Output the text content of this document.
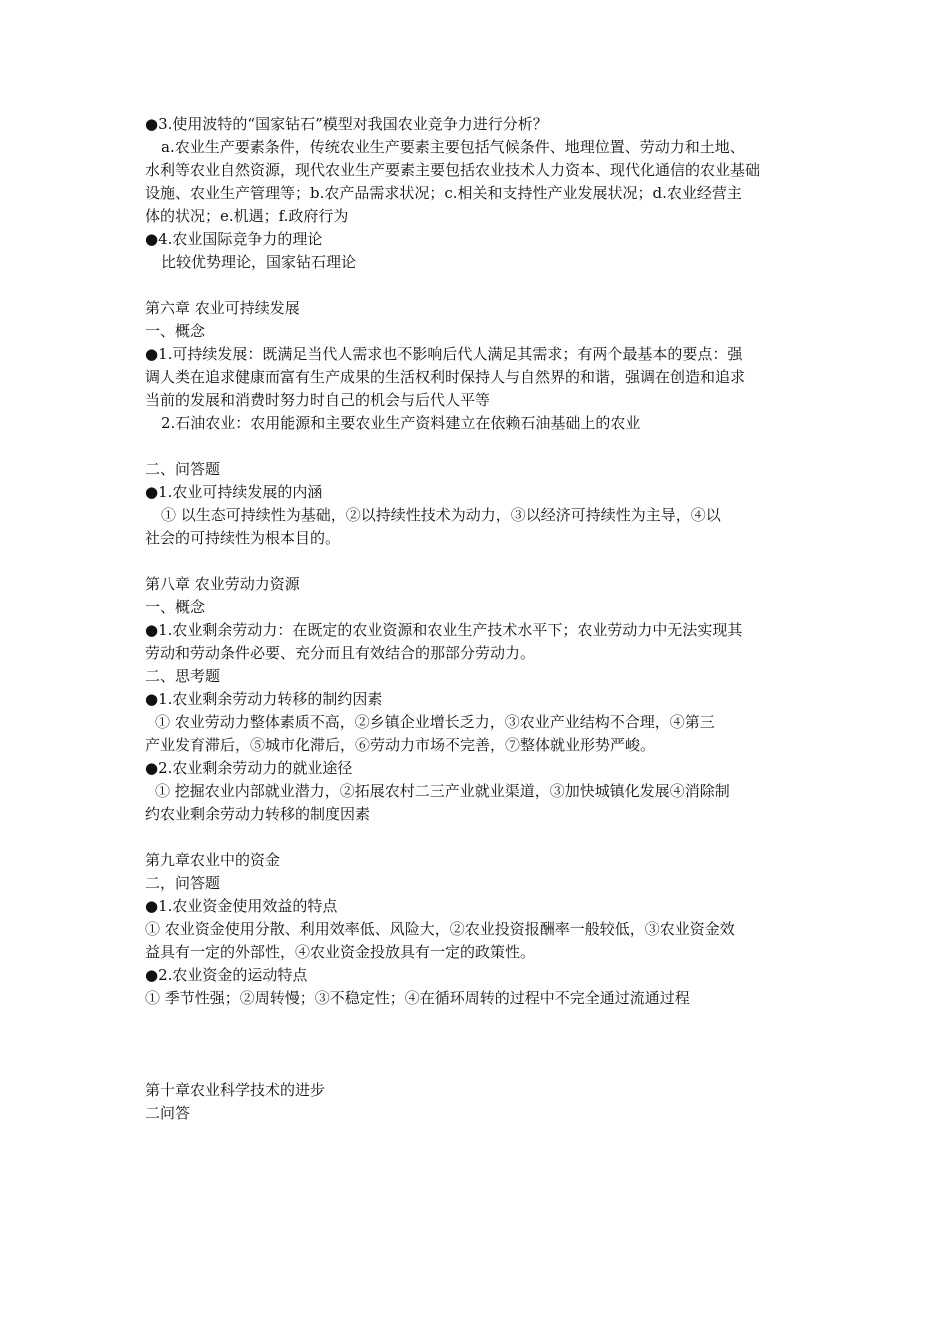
●3.使用波特的“国家钻石”模型对我国农业竞争力进行分析？
a.农业生产要素条件，传统农业生产要素主要包括气候条件、地理位置、劳动力和土地、
水利等农业自然资源，现代农业生产要素主要包括农业技术人力资本、现代化通信的农业基础
设施、农业生产管理等；b.农产品需求状况；c.相关和支持性产业发展状况；d.农业经营主
体的状况；e.机遇；f.政府行为
●4.农业国际竞争力的理论
比较优势理论，国家钻石理论
第六章 农业可持续发展
一、概念
●1.可持续发展：既满足当代人需求也不影响后代人满足其需求；有两个最基本的要点：强
调人类在追求健康而富有生产成果的生活权利时保持人与自然界的和谐，强调在创造和追求
当前的发展和消费时努力时自己的机会与后代人平等
2.石油农业：农用能源和主要农业生产资料建立在依赖石油基础上的农业
二、问答题
●1.农业可持续发展的内涵
① 以生态可持续性为基础，②以持续性技术为动力，③以经济可持续性为主导，④以
社会的可持续性为根本目的。
第八章 农业劳动力资源
一、概念
●1.农业剩余劳动力：在既定的农业资源和农业生产技术水平下；农业劳动力中无法实现其
劳动和劳动条件必要、充分而且有效结合的那部分劳动力。
二、思考题
●1.农业剩余劳动力转移的制约因素
① 农业劳动力整体素质不高，②乡镇企业增长乏力，③农业产业结构不合理，④第三
产业发育滞后，⑤城市化滞后，⑥劳动力市场不完善，⑦整体就业形势严峻。
●2.农业剩余劳动力的就业途径
① 挖掘农业内部就业潜力，②拓展农村二三产业就业渠道，③加快城镇化发展④消除制
约农业剩余劳动力转移的制度因素
第九章农业中的资金
二，问答题
●1.农业资金使用效益的特点
① 农业资金使用分散、利用效率低、风险大，②农业投资报酬率一般较低，③农业资金效
益具有一定的外部性，④农业资金投放具有一定的政策性。
●2.农业资金的运动特点
① 季节性强；②周转慢；③不稳定性；④在循环周转的过程中不完全通过流通过程
第十章农业科学技术的进步
二问答
